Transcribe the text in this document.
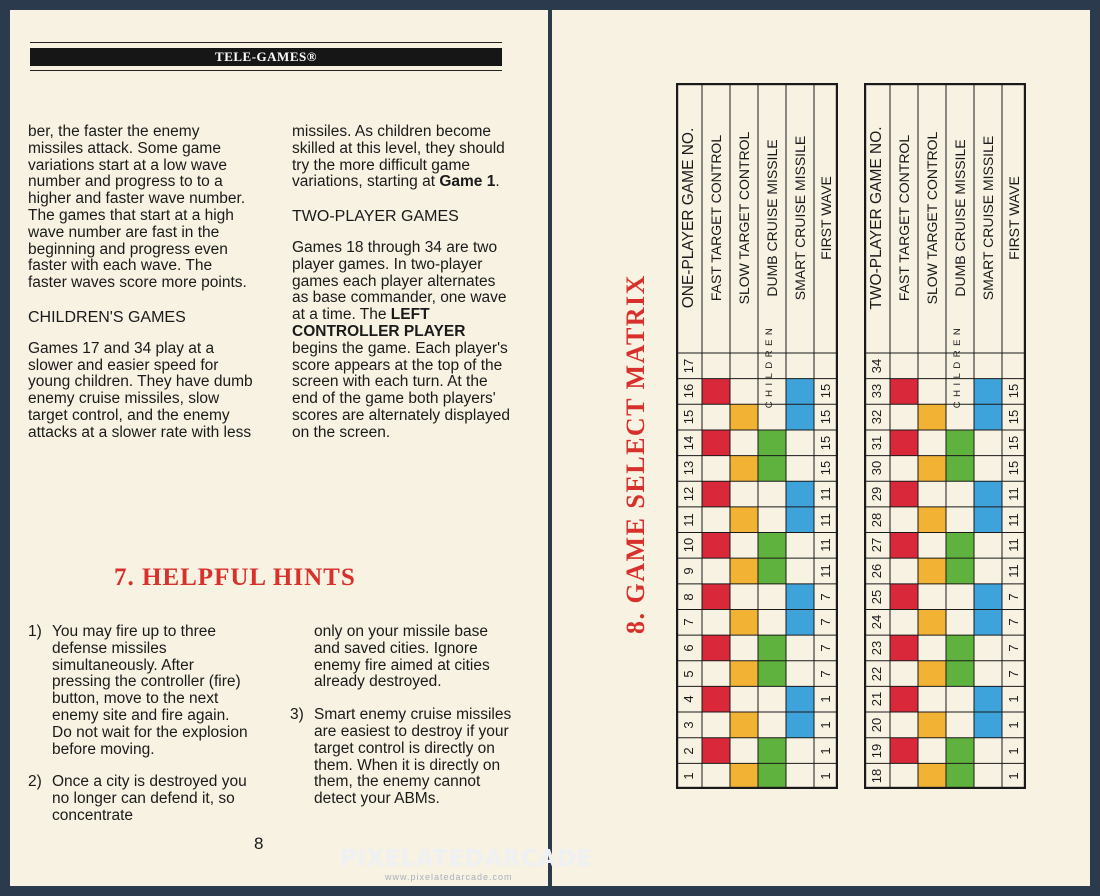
TELE-GAMES®

ber, the faster the enemy missiles attack. Some game variations start at a low wave number and progress to to a higher and faster wave number. The games that start at a high wave number are fast in the beginning and progress even faster with each wave. The faster waves score more points.

CHILDREN'S GAMES

Games 17 and 34 play at a slower and easier speed for young children. They have dumb enemy cruise missiles, slow target control, and the enemy attacks at a slower rate with less

missiles. As children become skilled at this level, they should try the more difficult game variations, starting at Game 1.

TWO-PLAYER GAMES

Games 18 through 34 are two player games. In two-player games each player alternates as base commander, one wave at a time. The LEFT CONTROLLER PLAYER begins the game. Each player's score appears at the top of the screen with each turn. At the end of the game both players' scores are alternately displayed on the screen.

7. HELPFUL HINTS
1) You may fire up to three defense missiles simultaneously. After pressing the controller (fire) button, move to the next enemy site and fire again. Do not wait for the explosion before moving.
2) Once a city is destroyed you no longer can defend it, so concentrate
only on your missile base and saved cities. Ignore enemy fire aimed at cities already destroyed.
3) Smart enemy cruise missiles are easiest to destroy if your target control is directly on them. When it is directly on them, the enemy cannot detect your ABMs.
8
8. GAME SELECT MATRIX
ONE-PLAYER GAME NO. FAST TARGET CONTROL SLOW TARGET CONTROL DUMB CRUISE MISSILE SMART CRUISE MISSILE FIRST WAVE
1
2
3
4
5
6
7
8
9
10
11
12
13
14
15
16
17
1
1
1
1
7
7
7
7
11
11
11
11
15
15
15
15
CHILDREN
TWO-PLAYER GAME NO. FAST TARGET CONTROL SLOW TARGET CONTROL DUMB CRUISE MISSILE SMART CRUISE MISSILE FIRST WAVE
18
19
20
21
22
23
24
25
26
27
28
29
30
31
32
33
34
1
1
1
1
7
7
7
7
11
11
11
11
15
15
15
15
CHILDREN
PIXELATEDARCADE
www.pixelatedarcade.com
